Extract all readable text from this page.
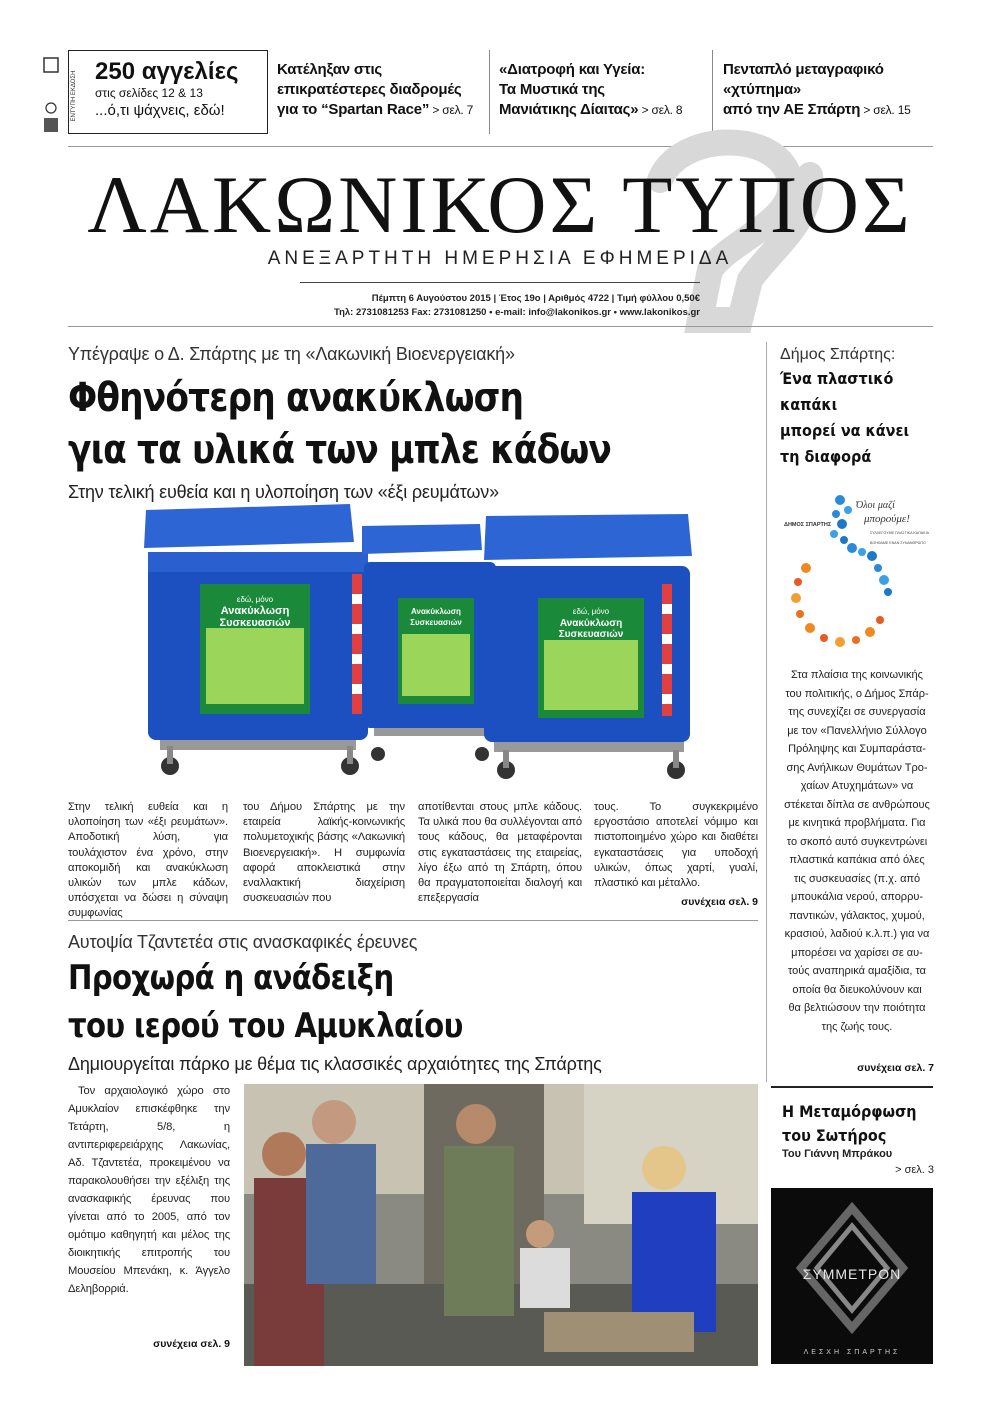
ΕΝΤΥΠΗ ΕΚΔΟΣΗ 250 αγγελίες
στις σελίδες 12 & 13
...ό,τι ψάχνεις, εδώ!
Κατέληξαν στις
επικρατέστερες διαδρομές
για το “Spartan Race” > σελ. 7
«Διατροφή και Υγεία:
Τα Μυστικά της
Μανιάτικης Δίαιτας» > σελ. 8
Πενταπλό μεταγραφικό
«χτύπημα»
από την ΑΕ Σπάρτη > σελ. 15
ΛΑΚΩΝΙΚΟΣ ΤΥΠΟΣ
ΑΝΕΞΑΡΤΗΤΗ ΗΜΕΡΗΣΙΑ ΕΦΗΜΕΡΙΔΑ
Πέμπτη 6 Αυγούστου 2015 | Έτος 19ο | Αριθμός 4722 | Τιμή φύλλου 0,50€
Τηλ: 2731081253 Fax: 2731081250 • e-mail: info@lakonikos.gr • www.lakonikos.gr
Υπέγραψε ο Δ. Σπάρτης με τη «Λακωνική Βιοενεργειακή»
Φθηνότερη ανακύκλωση
για τα υλικά των μπλε κάδων
Στην τελική ευθεία και η υλοποίηση των «έξι ρευμάτων»
εδώ, μόνο
Ανακύκλωση
Συσκευασιών
Ανακύκλωση
Συσκευασιών
εδώ, μόνο
Ανακύκλωση
Συσκευασιών
Στην τελική ευθεία και η υλοποίηση των «έξι ρευμάτων». Αποδοτική λύση, για τουλάχιστον ένα χρόνο, στην αποκομιδή και ανακύκλωση υλικών των μπλε κάδων, υπόσχεται να δώσει η σύναψη συμφωνίας
του Δήμου Σπάρτης με την εταιρεία λαϊκής-κοινωνικής πολυμετοχικής βάσης «Λακωνική Βιοενεργειακή». Η συμφωνία αφορά αποκλειστικά στην εναλλακτική διαχείριση συσκευασιών που
αποτίθενται στους μπλε κάδους. Τα υλικά που θα συλλέγονται από τους κάδους, θα μεταφέρονται στις εγκαταστάσεις της εταιρείας, λίγο έξω από τη Σπάρτη, όπου θα πραγματοποιείται διαλογή και επεξεργασία
τους. Το συγκεκριμένο εργοστάσιο αποτελεί νόμιμο και πιστοποιημένο χώρο και διαθέτει εγκαταστάσεις για υποδοχή υλικών, όπως χαρτί, γυαλί, πλαστικό και μέταλλο.
συνέχεια σελ. 9
Αυτοψία Τζαντετέα στις ανασκαφικές έρευνες
Προχωρά η ανάδειξη
του ιερού του Αμυκλαίου
Δημιουργείται πάρκο με θέμα τις κλασσικές αρχαιότητες της Σπάρτης
Τον αρχαιολογικό χώρο στο Αμυκλαίον επισκέφθηκε την Τετάρτη, 5/8, η αντιπεριφερειάρχης Λακωνίας, Αδ. Τζαντετέα, προκειμένου να παρακολουθήσει την εξέλιξη της ανασκαφικής έρευνας που γίνεται από το 2005, από τον ομότιμο καθηγητή και μέλος της διοικητικής επιτροπής του Μουσείου Μπενάκη, κ. Άγγελο Δεληβορριά.
συνέχεια σελ. 9
Δήμος Σπάρτης:
Ένα πλαστικό
καπάκι
μπορεί να κάνει
τη διαφορά
ΔΗΜΟΣ ΣΠΑΡΤΗΣ
Όλοι μαζί
μπορούμε!
ΣΥΛΛΕΓΟΥΜΕ ΠΛΑΣΤΙΚΑ ΚΑΠΑΚΙΑ
ΒΟΗΘΑΜΕ ΕΝΑΝ ΣΥΝΑΝΘΡΩΠΟ
Στα πλαίσια της κοινωνικής
του πολιτικής, ο Δήμος Σπάρ-
της συνεχίζει σε συνεργασία
με τον «Πανελλήνιο Σύλλογο
Πρόληψης και Συμπαράστα-
σης Ανήλικων Θυμάτων Τρο-
χαίων Ατυχημάτων» να
στέκεται δίπλα σε ανθρώπους
με κινητικά προβλήματα. Για
το σκοπό αυτό συγκεντρώνει
πλαστικά καπάκια από όλες
τις συσκευασίες (π.χ. από
μπουκάλια νερού, απορρυ-
παντικών, γάλακτος, χυμού,
κρασιού, λαδιού κ.λ.π.) για να
μπορέσει να χαρίσει σε αυ-
τούς αναπηρικά αμαξίδια, τα
οποία θα διευκολύνουν και
θα βελτιώσουν την ποιότητα
της ζωής τους.
συνέχεια σελ. 7
Η Μεταμόρφωση
του Σωτήρος
Του Γιάννη Μπράκου
> σελ. 3
ΣΥΜΜΕΤΡΟΝ
ΛΕΣΧΗ ΣΠΑΡΤΗΣ
